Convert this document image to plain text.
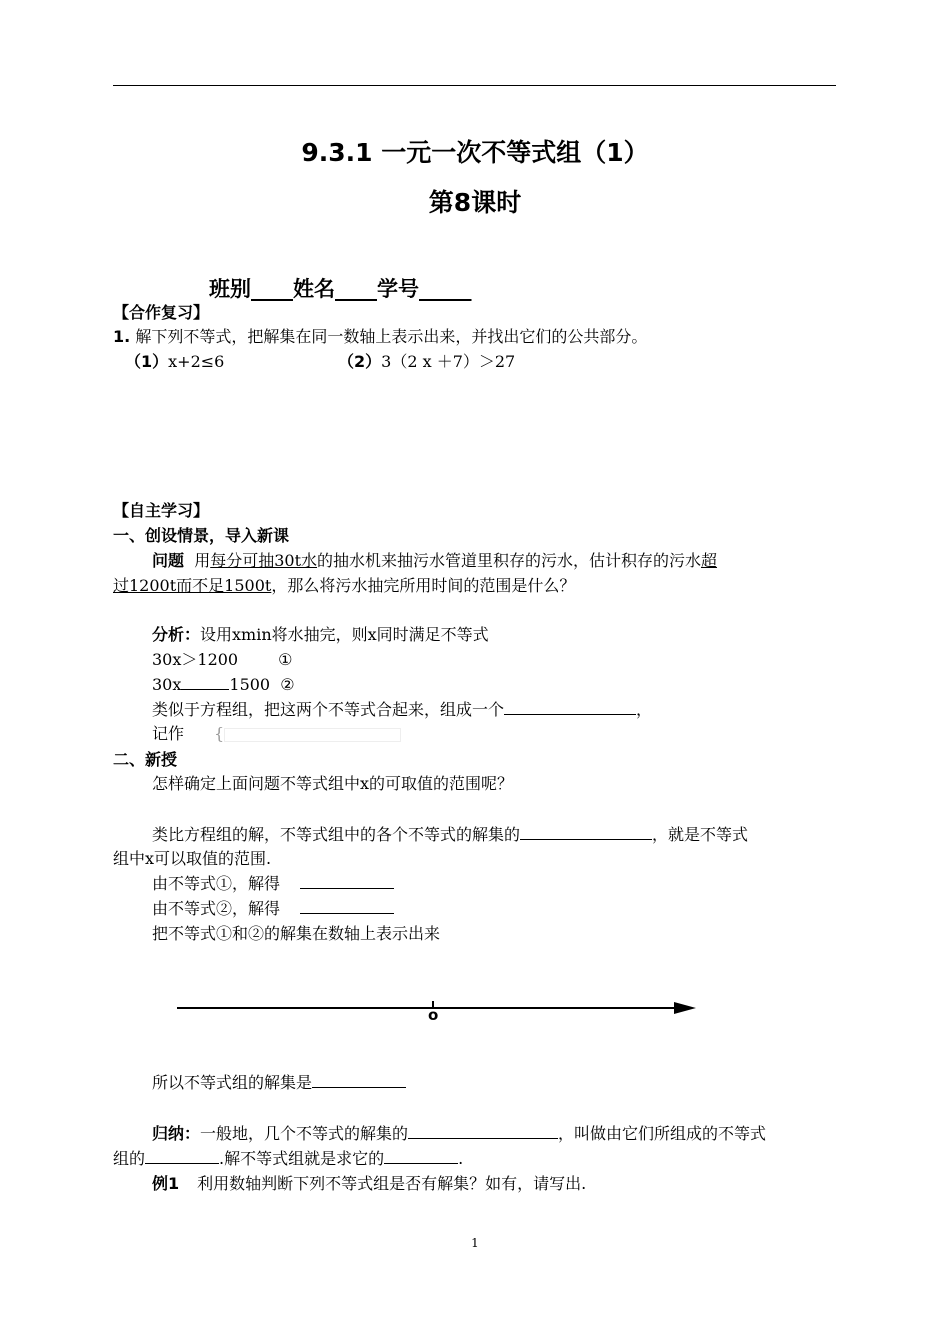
9.3.1 一元一次不等式组（1）
第8课时
班别____姓名____学号_____
【合作复习】
1. 解下列不等式，把解集在同一数轴上表示出来，并找出它们的公共部分。
（1）x+2≤6	（2）3（2 x ＋7）＞27
【自主学习】
一、创设情景，导入新课
问题 用每分可抽30t水的抽水机来抽污水管道里积存的污水，估计积存的污水超
过1200t而不足1500t，那么将污水抽完所用时间的范围是什么？
分析：设用xmin将水抽完，则x同时满足不等式
30x＞1200	①
30x	1500 ②
类似于方程组，把这两个不等式合起来，组成一个	，
记作 {
二、新授
怎样确定上面问题不等式组中x的可取值的范围呢？
类比方程组的解，不等式组中的各个不等式的解集的	，就是不等式
组中x可以取值的范围.
由不等式①，解得
由不等式②，解得
把不等式①和②的解集在数轴上表示出来
o
所以不等式组的解集是
归纳：一般地，几个不等式的解集的	，叫做由它们所组成的不等式
组的	.解不等式组就是求它的	.
例1 利用数轴判断下列不等式组是否有解集？如有，请写出.
1
